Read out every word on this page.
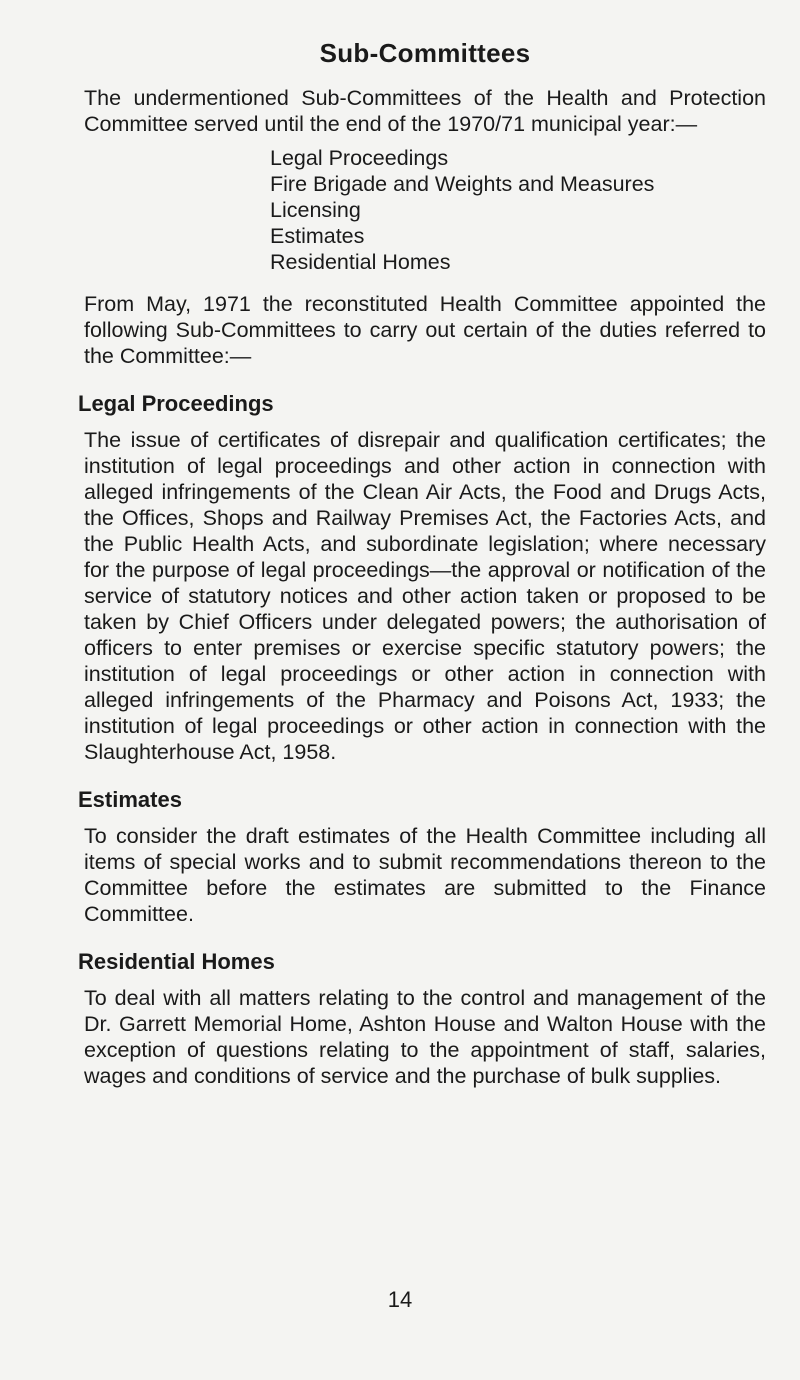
Sub-Committees

The undermentioned Sub-Committees of the Health and Protection Committee served until the end of the 1970/71 municipal year:—

Legal Proceedings
Fire Brigade and Weights and Measures
Licensing
Estimates
Residential Homes

From May, 1971 the reconstituted Health Committee appointed the following Sub-Committees to carry out certain of the duties referred to the Committee:—

Legal Proceedings

The issue of certificates of disrepair and qualification certificates; the institution of legal proceedings and other action in connection with alleged infringements of the Clean Air Acts, the Food and Drugs Acts, the Offices, Shops and Railway Premises Act, the Factories Acts, and the Public Health Acts, and subordinate legislation; where necessary for the purpose of legal proceedings—the approval or notification of the service of statutory notices and other action taken or proposed to be taken by Chief Officers under delegated powers; the authorisation of officers to enter premises or exercise specific statutory powers; the institution of legal proceedings or other action in connection with alleged infringements of the Pharmacy and Poisons Act, 1933; the institution of legal proceedings or other action in connection with the Slaughterhouse Act, 1958.

Estimates

To consider the draft estimates of the Health Committee including all items of special works and to submit recommendations thereon to the Committee before the estimates are submitted to the Finance Committee.

Residential Homes

To deal with all matters relating to the control and management of the Dr. Garrett Memorial Home, Ashton House and Walton House with the exception of questions relating to the appointment of staff, salaries, wages and conditions of service and the purchase of bulk supplies.

14
